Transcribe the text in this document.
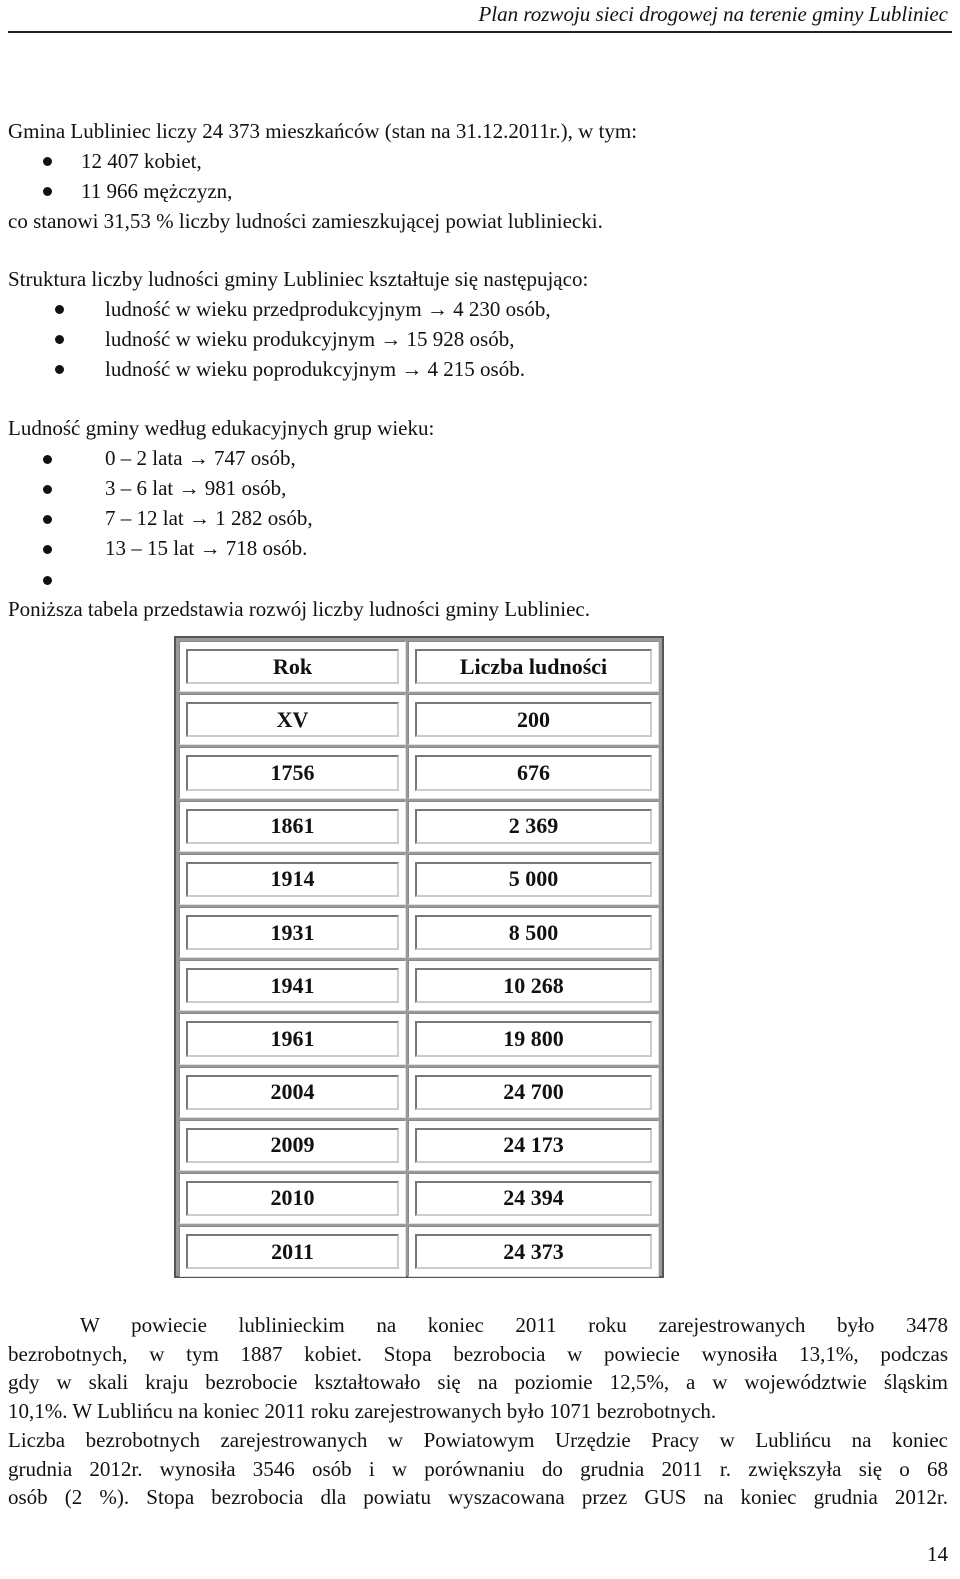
Plan rozwoju sieci drogowej na terenie gminy Lubliniec
Gmina Lubliniec liczy 24 373 mieszkańców (stan na 31.12.2011r.), w tym:
12 407 kobiet,
11 966 mężczyzn,
co stanowi 31,53 % liczby ludności zamieszkującej powiat lubliniecki.
Struktura liczby ludności gminy Lubliniec kształtuje się następująco:
ludność w wieku przedprodukcyjnym → 4 230 osób,
ludność w wieku produkcyjnym → 15 928 osób,
ludność w wieku poprodukcyjnym → 4 215 osób.
Ludność gminy według edukacyjnych grup wieku:
0 – 2 lata → 747 osób,
3 – 6 lat → 981 osób,
7 – 12 lat → 1 282 osób,
13 – 15 lat → 718 osób.
Poniższa tabela przedstawia rozwój liczby ludności gminy Lubliniec.
Rok	Liczba ludności
XV	200
1756	676
1861	2 369
1914	5 000
1931	8 500
1941	10 268
1961	19 800
2004	24 700
2009	24 173
2010	24 394
2011	24 373
W powiecie lublinieckim na koniec 2011 roku zarejestrowanych było 3478
bezrobotnych, w tym 1887 kobiet. Stopa bezrobocia w powiecie wynosiła 13,1%, podczas
gdy w skali kraju bezrobocie kształtowało się na poziomie 12,5%, a w województwie śląskim
10,1%. W Lublińcu na koniec 2011 roku zarejestrowanych było 1071 bezrobotnych.
Liczba bezrobotnych zarejestrowanych w Powiatowym Urzędzie Pracy w Lublińcu na koniec
grudnia 2012r. wynosiła 3546 osób i w porównaniu do grudnia 2011 r. zwiększyła się o 68
osób (2 %). Stopa bezrobocia dla powiatu wyszacowana przez GUS na koniec grudnia 2012r.
14
